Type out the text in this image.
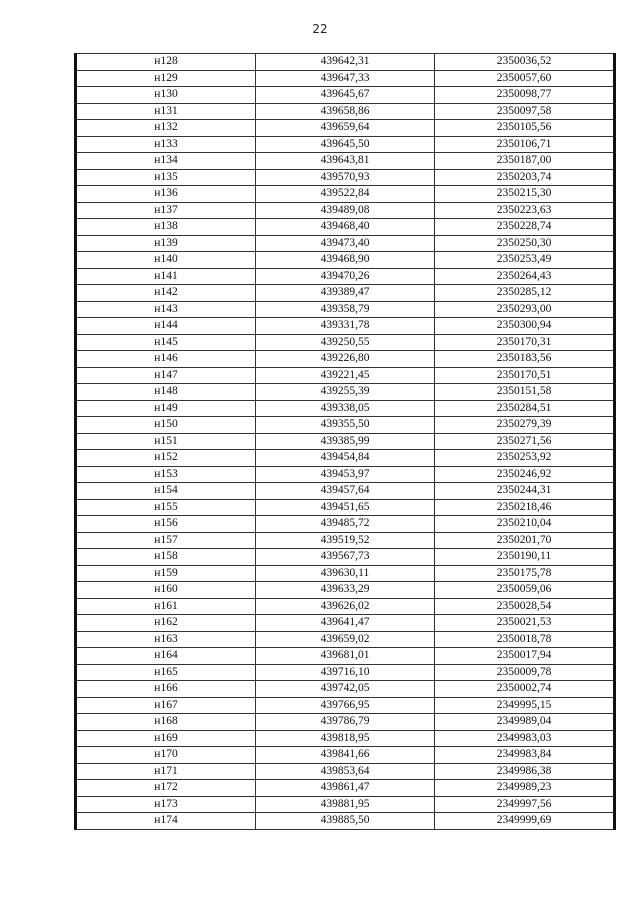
22
н128	439642,31	2350036,52
н129	439647,33	2350057,60
н130	439645,67	2350098,77
н131	439658,86	2350097,58
н132	439659,64	2350105,56
н133	439645,50	2350106,71
н134	439643,81	2350187,00
н135	439570,93	2350203,74
н136	439522,84	2350215,30
н137	439489,08	2350223,63
н138	439468,40	2350228,74
н139	439473,40	2350250,30
н140	439468,90	2350253,49
н141	439470,26	2350264,43
н142	439389,47	2350285,12
н143	439358,79	2350293,00
н144	439331,78	2350300,94
н145	439250,55	2350170,31
н146	439226,80	2350183,56
н147	439221,45	2350170,51
н148	439255,39	2350151,58
н149	439338,05	2350284,51
н150	439355,50	2350279,39
н151	439385,99	2350271,56
н152	439454,84	2350253,92
н153	439453,97	2350246,92
н154	439457,64	2350244,31
н155	439451,65	2350218,46
н156	439485,72	2350210,04
н157	439519,52	2350201,70
н158	439567,73	2350190,11
н159	439630,11	2350175,78
н160	439633,29	2350059,06
н161	439626,02	2350028,54
н162	439641,47	2350021,53
н163	439659,02	2350018,78
н164	439681,01	2350017,94
н165	439716,10	2350009,78
н166	439742,05	2350002,74
н167	439766,95	2349995,15
н168	439786,79	2349989,04
н169	439818,95	2349983,03
н170	439841,66	2349983,84
н171	439853,64	2349986,38
н172	439861,47	2349989,23
н173	439881,95	2349997,56
н174	439885,50	2349999,69
